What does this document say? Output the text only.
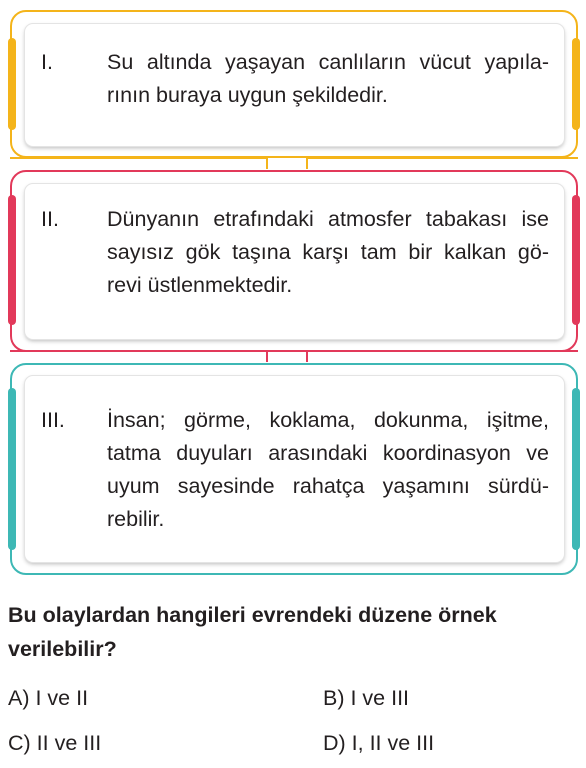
I.	Su altında yaşayan canlıların vücut yapıla-
rının buraya uygun şekildedir.
II. Dünyanın etrafındaki atmosfer tabakası ise
sayısız gök taşına karşı tam bir kalkan gö-
revi üstlenmektedir.
III. İnsan; görme, koklama, dokunma, işitme,
tatma duyuları arasındaki koordinasyon ve
uyum sayesinde rahatça yaşamını sürdü-
rebilir.

Bu olaylardan hangileri evrendeki düzene örnek verilebilir?

A) I ve II	B) I ve III
C) II ve III	D) I, II ve III
